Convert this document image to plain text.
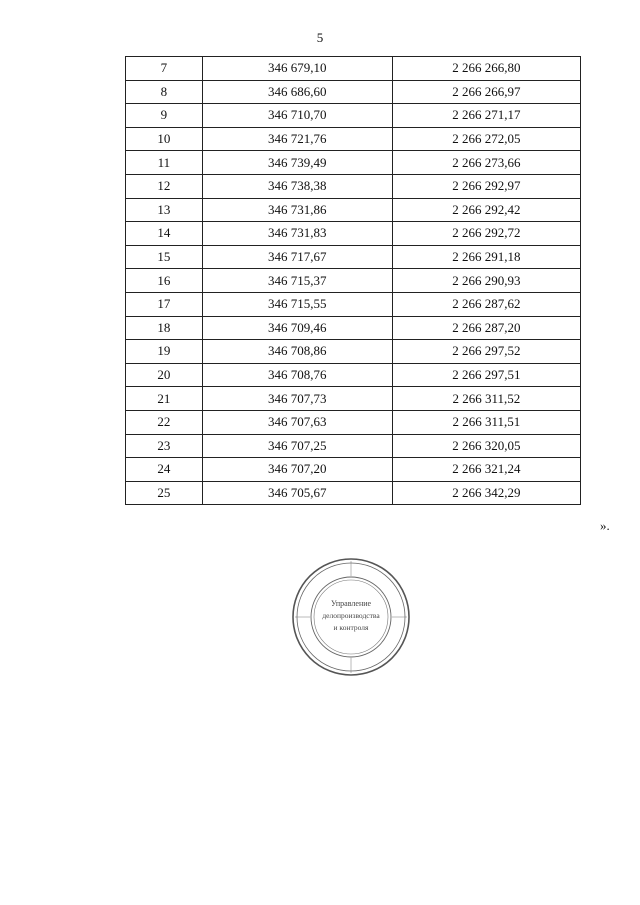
5
7	346 679,10	2 266 266,80
8	346 686,60	2 266 266,97
9	346 710,70	2 266 271,17
10	346 721,76	2 266 272,05
11	346 739,49	2 266 273,66
12	346 738,38	2 266 292,97
13	346 731,86	2 266 292,42
14	346 731,83	2 266 292,72
15	346 717,67	2 266 291,18
16	346 715,37	2 266 290,93
17	346 715,55	2 266 287,62
18	346 709,46	2 266 287,20
19	346 708,86	2 266 297,52
20	346 708,76	2 266 297,51
21	346 707,73	2 266 311,52
22	346 707,63	2 266 311,51
23	346 707,25	2 266 320,05
24	346 707,20	2 266 321,24
25	346 705,67	2 266 342,29
».
Управление
делопроизводства
и контроля
